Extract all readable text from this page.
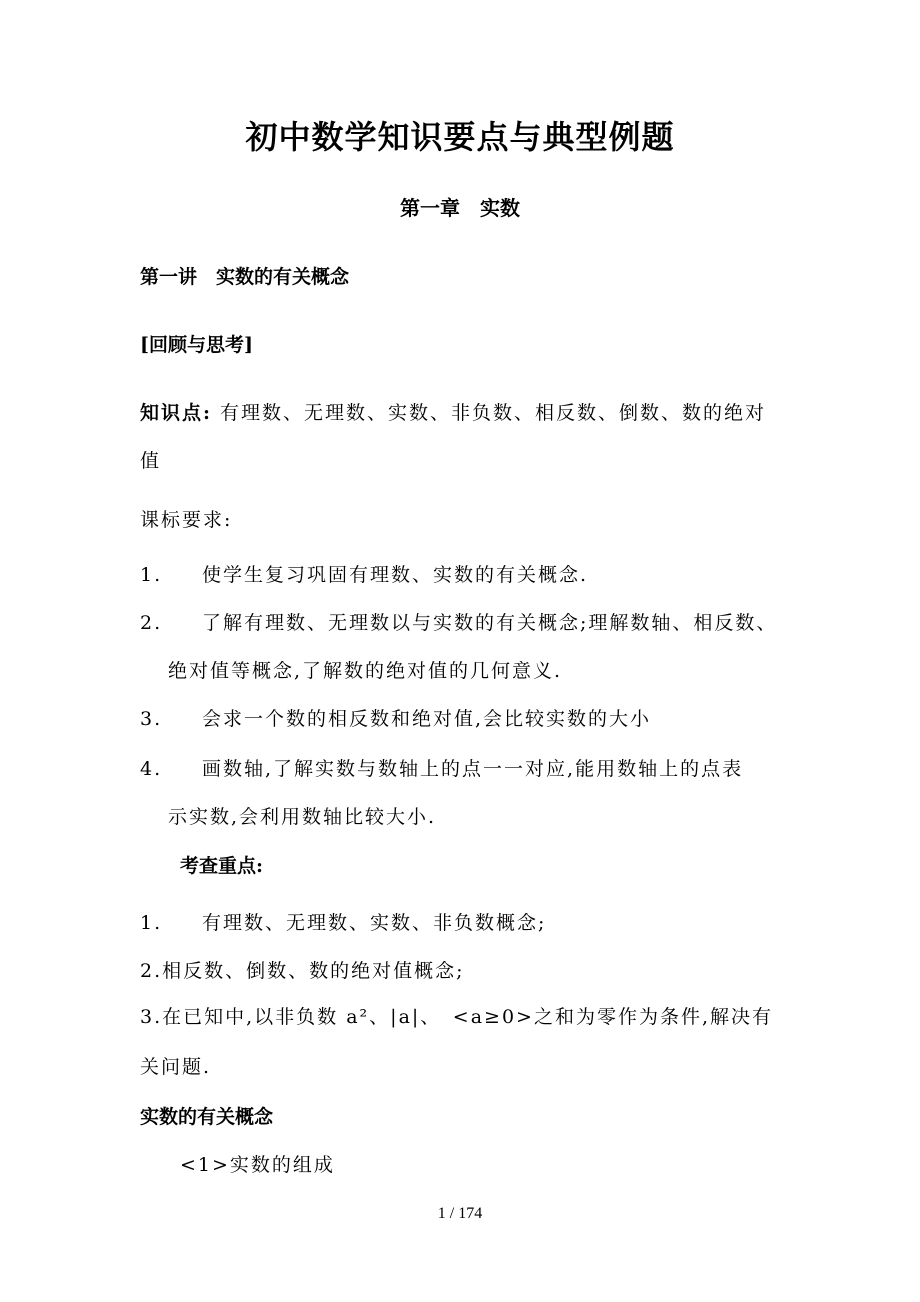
初中数学知识要点与典型例题
第一章　实数
第一讲　实数的有关概念
[回顾与思考]
知识点: 有理数、无理数、实数、非负数、相反数、倒数、数的绝对
值
课标要求:
1. 使学生复习巩固有理数、实数的有关概念.
2. 了解有理数、无理数以与实数的有关概念;理解数轴、相反数、
绝对值等概念,了解数的绝对值的几何意义.
3. 会求一个数的相反数和绝对值,会比较实数的大小
4. 画数轴,了解实数与数轴上的点一一对应,能用数轴上的点表
示实数,会利用数轴比较大小.
考查重点:
1. 有理数、无理数、实数、非负数概念;
2.相反数、倒数、数的绝对值概念;
3.在已知中,以非负数 a²、|a|、　<a≥0>之和为零作为条件,解决有
关问题.
实数的有关概念
<1>实数的组成
1 / 174
